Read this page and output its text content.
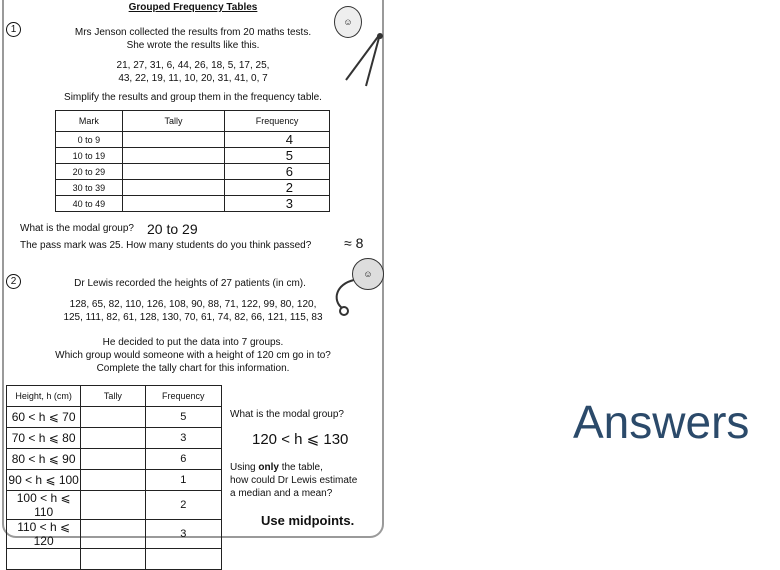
Grouped Frequency Tables
1
☺
Mrs Jenson collected the results from 20 maths tests.
She wrote the results like this.
21, 27, 31, 6, 44, 26, 18, 5, 17, 25,
43, 22, 19, 11, 10, 20, 31, 41, 0, 7
Simplify the results and group them in the frequency table.
Mark	Tally	Frequency
0 to 9		4
10 to 19		5
20 to 29		6
30 to 39		2
40 to 49		3
What is the modal group? 20 to 29
The pass mark was 25. How many students do you think passed? ≈ 8
2
☺
Dr Lewis recorded the heights of 27 patients (in cm).
128, 65, 82, 110, 126, 108, 90, 88, 71, 122, 99, 80, 120,
125, 111, 82, 61, 128, 130, 70, 61, 74, 82, 66, 121, 115, 83
He decided to put the data into 7 groups.
Which group would someone with a height of 120 cm go in to?
Complete the tally chart for this information.
Height, h (cm)	Tally	Frequency
60 < h ⩽ 70		5
70 < h ⩽ 80		3
80 < h ⩽ 90		6
90 < h ⩽ 100		1
100 < h ⩽ 110		2
110 < h ⩽ 120		3

What is the modal group?
120 < h ⩽ 130
Using only the table,
how could Dr Lewis estimate
a median and a mean?
Use midpoints.
Answers
